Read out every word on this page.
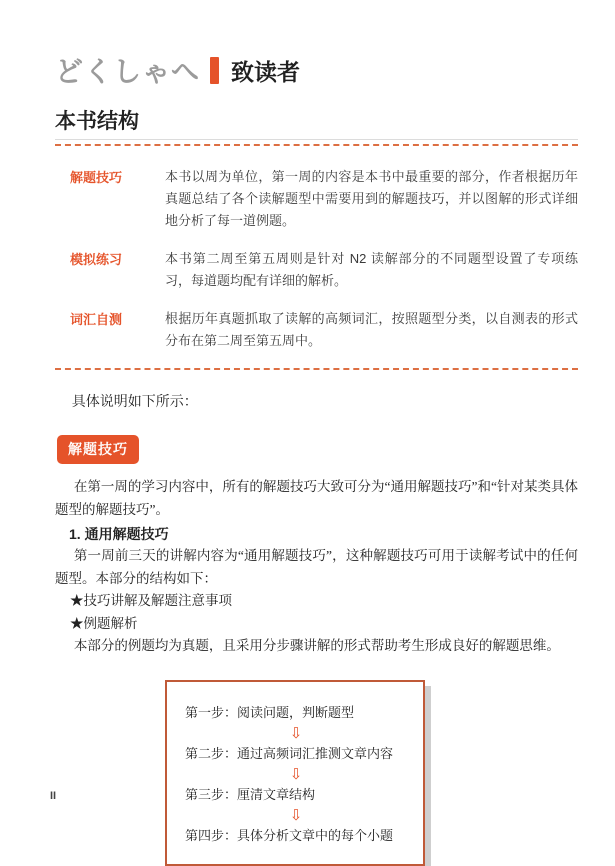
どくしゃへ 致读者
本书结构
解题技巧	本书以周为单位，第一周的内容是本书中最重要的部分，作者根据历年真题总结了各个读解题型中需要用到的解题技巧，并以图解的形式详细地分析了每一道例题。
模拟练习	本书第二周至第五周则是针对 N2 读解部分的不同题型设置了专项练习，每道题均配有详细的解析。
词汇自测	根据历年真题抓取了读解的高频词汇，按照题型分类，以自测表的形式分布在第二周至第五周中。
具体说明如下所示：
解题技巧
在第一周的学习内容中，所有的解题技巧大致可分为“通用解题技巧”和“针对某类具体题型的解题技巧”。
1. 通用解题技巧
第一周前三天的讲解内容为“通用解题技巧”，这种解题技巧可用于读解考试中的任何题型。本部分的结构如下：
★技巧讲解及解题注意事项
★例题解析
本部分的例题均为真题，且采用分步骤讲解的形式帮助考生形成良好的解题思维。
第一步：阅读问题，判断题型
⇩
第二步：通过高频词汇推测文章内容
⇩
第三步：厘清文章结构
⇩
第四步：具体分析文章中的每个小题
II
